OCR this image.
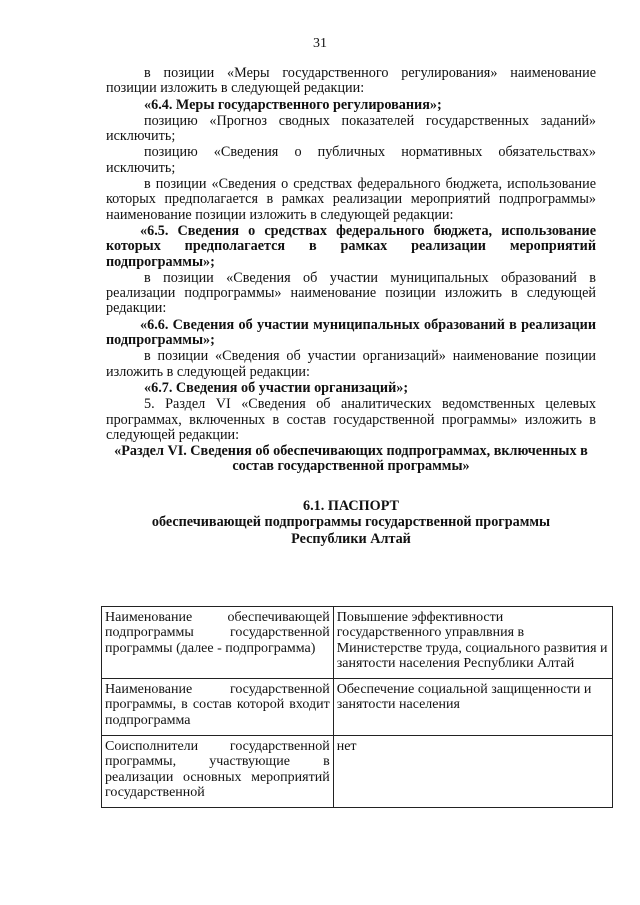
31

в позиции «Меры государственного регулирования» наименование позиции изложить в следующей редакции:

«6.4. Меры государственного регулирования»;

позицию «Прогноз сводных показателей государственных заданий» исключить;

позицию «Сведения о публичных нормативных обязательствах» исключить;

в позиции «Сведения о средствах федерального бюджета, использование которых предполагается в рамках реализации мероприятий подпрограммы» наименование позиции изложить в следующей редакции:

«6.5. Сведения о средствах федерального бюджета, использование которых предполагается в рамках реализации мероприятий подпрограммы»;

в позиции «Сведения об участии муниципальных образований в реализации подпрограммы» наименование позиции изложить в следующей редакции:

«6.6. Сведения об участии муниципальных образований в реализации подпрограммы»;

в позиции «Сведения об участии организаций» наименование позиции изложить в следующей редакции:

«6.7. Сведения об участии организаций»;

5. Раздел VI «Сведения об аналитических ведомственных целевых программах, включенных в состав государственной программы» изложить в следующей редакции:

«Раздел VI. Сведения об обеспечивающих подпрограммах, включенных в состав государственной программы»

6.1. ПАСПОРТ

обеспечивающей подпрограммы государственной программы

Республики Алтай

Наименование обеспечивающей подпрограммы государственной программы (далее - подпрограмма)	Повышение эффективности государственного управлвния в Министерстве труда, социального развития и занятости населения Республики Алтай
Наименование государственной программы, в состав которой входит подпрограмма	Обеспечение социальной защищенности и занятости населения
Соисполнители государственной программы, участвующие в реализации основных мероприятий государственной	нет
